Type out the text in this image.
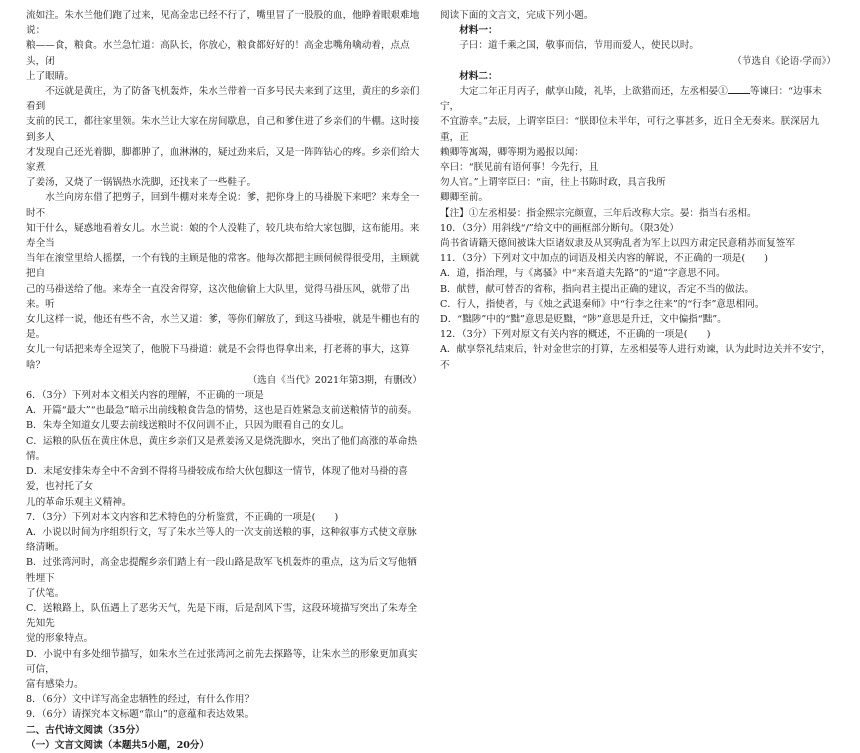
流如注。朱水兰他们跑了过来，见高金忠已经不行了，嘴里冒了一股股的血，他睁着眼艰难地说：

粮——食，粮食。水兰急忙道：高队长，你放心，粮食都好好的！高金忠嘴角噙动着，点点头，闭

上了眼睛。

不远就是黄庄，为了防备飞机轰炸，朱水兰带着一百多号民夫来到了这里，黄庄的乡亲们看到

支前的民工，都往家里领。朱水兰让大家在房间歇息，自己和爹住进了乡亲们的牛棚。这时接到多人

才发现自己还光着脚，脚都肿了，血淋淋的，疑过劲来后，又是一阵阵钻心的疼。乡亲们给大家煮

了姜汤，又烧了一锅锅热水洗脚，还找来了一些鞋子。

水兰向房东借了把剪子，回到牛棚对来寿全说：爹，把你身上的马褂脱下来吧？来寿全一时不

知干什么，疑惑地看着女儿。水兰说：娘的个人没鞋了，较几块布给大家包脚，这布能用。来寿全当

当年在滚堂里给人摇摆，一个有钱的主顾是他的常客。他每次都把主顾伺候得很受用，主顾就把自

己的马褂送给了他。来寿全一直没舍得穿，这次他偷偷上大队里，觉得马褂压风，就带了出来。听

女儿这样一说，他还有些不舍，水兰又道：爹，等你们解放了，到这马褂啦，就是牛棚也有的是。

女儿一句话把来寿全逗笑了，他脱下马褂道：就是不会得也得拿出来，打老蒋的事大，这算啥？

（选自《当代》2021年第3期，有删改）

6．（3分）下列对本文相关内容的理解，不正确的一项是

A．开篇“最大”“也最急”暗示出前线粮食告急的情势，这也是百姓紧急支前送粮情节的前奏。

B．朱寿全知道女儿要去前线送粮时不仅问训不止，只因为眼看自己的女儿。

C．运粮的队伍在黄庄休息，黄庄乡亲们又是煮姜汤又是烧洗脚水，突出了他们高涨的革命热情。

D．末尾安排朱寿全中不舍到不得将马褂较成布给大伙包脚这一情节，体现了他对马褂的喜爱，也衬托了女

儿的革命乐观主义精神。

7．（3分）下列对本文内容和艺术特色的分析鉴赏，不正确的一项是(　　)

A．小说以时间为序组织行文，写了朱水兰等人的一次支前送粮的事，这种叙事方式使文章脉络清晰。

B．过张湾河时，高金忠提醒乡亲们踏上有一段山路是敌军飞机轰炸的重点，这为后文写他牺牲埋下

了伏笔。

C．送粮路上，队伍遇上了恶劣天气，先是下雨，后是刮风下雪，这段环境描写突出了朱寿全先知先

觉的形象特点。

D．小说中有多处细节描写，如朱水兰在过张湾河之前先去探路等，让朱水兰的形象更加真实可信，

富有感染力。

8．（6分）文中详写高金忠牺牲的经过，有什么作用？

9．（6分）请探究本文标题“靠山”的意蕴和表达效果。

二、古代诗文阅读（35分）

（一）文言文阅读（本题共5小题，20分）

阅读下面的文言文，完成下列小题。

材料一：

子曰：道千乘之国，敬事而信，节用而爱人，使民以时。

（节选自《论语·学而》）

材料二：

大定二年正月丙子，献享山陵，礼毕，上欲猎而还，左丞相晏① 等谏曰：“边事未宁，

不宜游幸。”去辰，上谓宰臣曰：“朕即位未半年，可行之事甚多，近日全无奏来。朕深居九重，正

赖卿等寓竭，卿等期为遏报以闻：

卒曰：“朕见前有语何事！今先行，且

勿人官。”上谓宰臣曰：“亩，往上书陈时政，具言我所

卿卿至前。

【注】①左丞相晏：指金熙宗完颜亶，三年后改称大宗。晏：指当右丞相。

10．（3分）用斜线“/”给文中的画框部分断句。（限3处）

尚书省请籍天德间被诛大臣诸奴隶及从冥驹乱者为军上以四方肃定民意稍苏而复签军

11．（3分）下列对文中加点的词语及相关内容的解说，不正确的一项是(　　)

A．道，指治理，与《离骚》中“来吾道夫先路”的“道”字意思不同。

B．献替，献可替否的省称，指向君主提出正确的建议，否定不当的做法。

C．行人，指使者，与《烛之武退秦师》中“行李之往来”的“行李”意思相同。

D．“黜陟”中的“黜”意思是贬黜，“陟”意思是升迁，文中偏指“黜”。

12．（3分）下列对原文有关内容的概述，不正确的一项是(　　)

A．献享祭礼结束后，针对金世宗的打算，左丞相晏等人进行劝谏，认为此时边关并不安宁，不
